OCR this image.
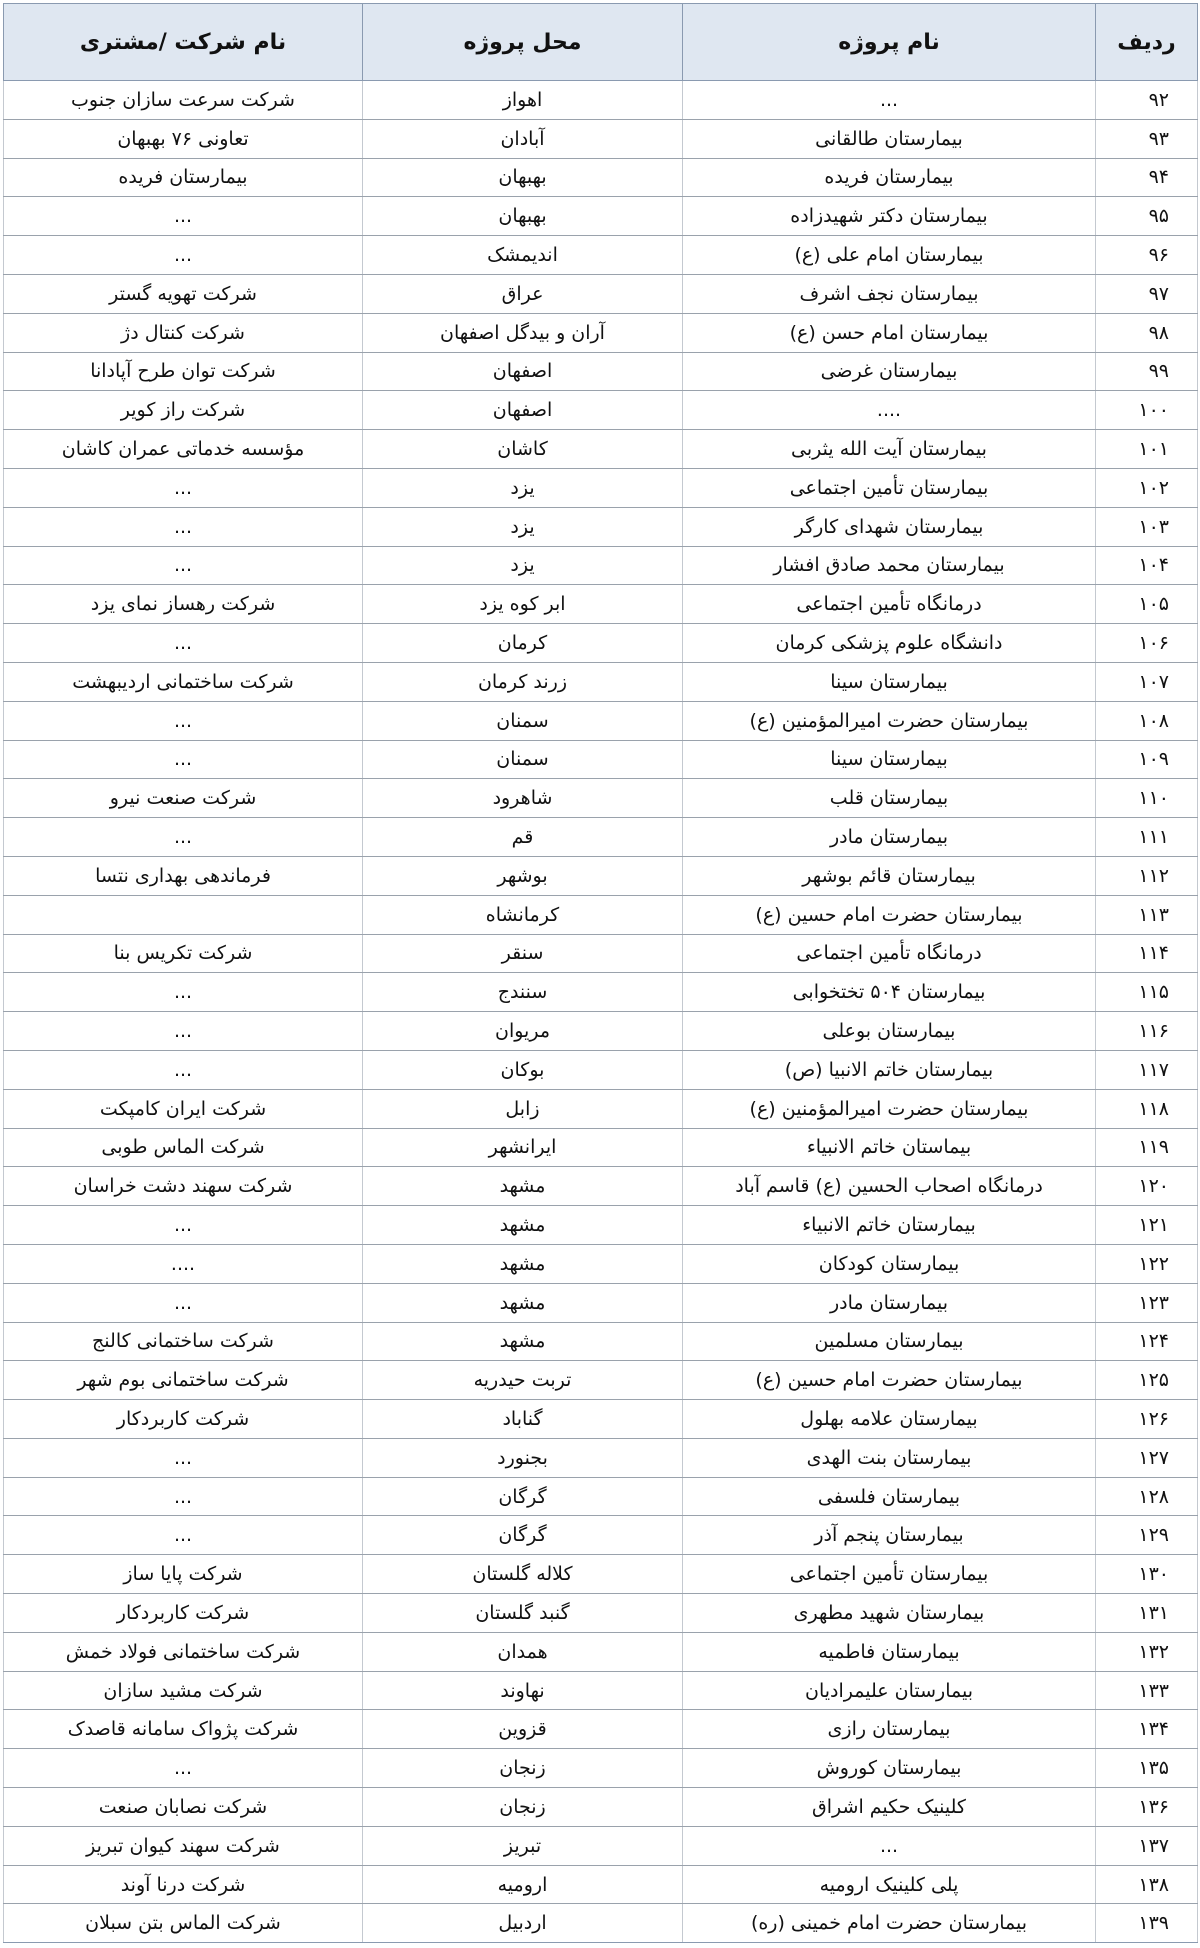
ردیف	نام پروژه	محل پروژه	نام شرکت /مشتری
۹۲	...	اهواز	شرکت سرعت سازان جنوب
۹۳	بیمارستان طالقانی	آبادان	تعاونی ۷۶ بهبهان
۹۴	بیمارستان فریده	بهبهان	بیمارستان فریده
۹۵	بیمارستان دکتر شهیدزاده	بهبهان	...
۹۶	بیمارستان امام علی (ع)	اندیمشک	...
۹۷	بیمارستان نجف اشرف	عراق	شرکت تهویه گستر
۹۸	بیمارستان امام حسن (ع)	آران و بیدگل اصفهان	شرکت کنتال دژ
۹۹	بیمارستان غرضی	اصفهان	شرکت توان طرح آپادانا
۱۰۰	....	اصفهان	شرکت راز کویر
۱۰۱	بیمارستان آیت الله یثربی	کاشان	مؤسسه خدماتی عمران کاشان
۱۰۲	بیمارستان تأمین اجتماعی	یزد	...
۱۰۳	بیمارستان شهدای کارگر	یزد	...
۱۰۴	بیمارستان محمد صادق افشار	یزد	...
۱۰۵	درمانگاه تأمین اجتماعی	ابر کوه یزد	شرکت رهساز نمای یزد
۱۰۶	دانشگاه علوم پزشکی کرمان	کرمان	...
۱۰۷	بیمارستان سینا	زرند کرمان	شرکت ساختمانی اردیبهشت
۱۰۸	بیمارستان حضرت امیرالمؤمنین (ع)	سمنان	...
۱۰۹	بیمارستان سینا	سمنان	...
۱۱۰	بیمارستان قلب	شاهرود	شرکت صنعت نیرو
۱۱۱	بیمارستان مادر	قم	...
۱۱۲	بیمارستان قائم بوشهر	بوشهر	فرماندهی بهداری نتسا
۱۱۳	بیمارستان حضرت امام حسین (ع)	کرمانشاه	
۱۱۴	درمانگاه تأمین اجتماعی	سنقر	شرکت تکریس بنا
۱۱۵	بیمارستان ۵۰۴ تختخوابی	سنندج	...
۱۱۶	بیمارستان بوعلی	مریوان	...
۱۱۷	بیمارستان خاتم الانبیا (ص)	بوکان	...
۱۱۸	بیمارستان حضرت امیرالمؤمنین (ع)	زابل	شرکت ایران کامپکت
۱۱۹	بیماستان خاتم الانبیاء	ایرانشهر	شرکت الماس طوبی
۱۲۰	درمانگاه اصحاب الحسین (ع) قاسم آباد	مشهد	شرکت سهند دشت خراسان
۱۲۱	بیمارستان خاتم الانبیاء	مشهد	...
۱۲۲	بیمارستان کودکان	مشهد	....
۱۲۳	بیمارستان مادر	مشهد	...
۱۲۴	بیمارستان مسلمین	مشهد	شرکت ساختمانی کالنج
۱۲۵	بیمارستان حضرت امام حسین (ع)	تربت حیدریه	شرکت ساختمانی بوم شهر
۱۲۶	بیمارستان علامه بهلول	گناباد	شرکت کاربردکار
۱۲۷	بیمارستان بنت الهدی	بجنورد	...
۱۲۸	بیمارستان فلسفی	گرگان	...
۱۲۹	بیمارستان پنجم آذر	گرگان	...
۱۳۰	بیمارستان تأمین اجتماعی	کلاله گلستان	شرکت پایا ساز
۱۳۱	بیمارستان شهید مطهری	گنبد گلستان	شرکت کاربردکار
۱۳۲	بیمارستان فاطمیه	همدان	شرکت ساختمانی فولاد خمش
۱۳۳	بیمارستان علیمرادیان	نهاوند	شرکت مشید سازان
۱۳۴	بیمارستان رازی	قزوین	شرکت پژواک سامانه قاصدک
۱۳۵	بیمارستان کوروش	زنجان	...
۱۳۶	کلینیک حکیم اشراق	زنجان	شرکت نصابان صنعت
۱۳۷	...	تبریز	شرکت سهند کیوان تبریز
۱۳۸	پلی کلینیک ارومیه	ارومیه	شرکت درنا آوند
۱۳۹	بیمارستان حضرت امام خمینی (ره)	اردبیل	شرکت الماس بتن سبلان
